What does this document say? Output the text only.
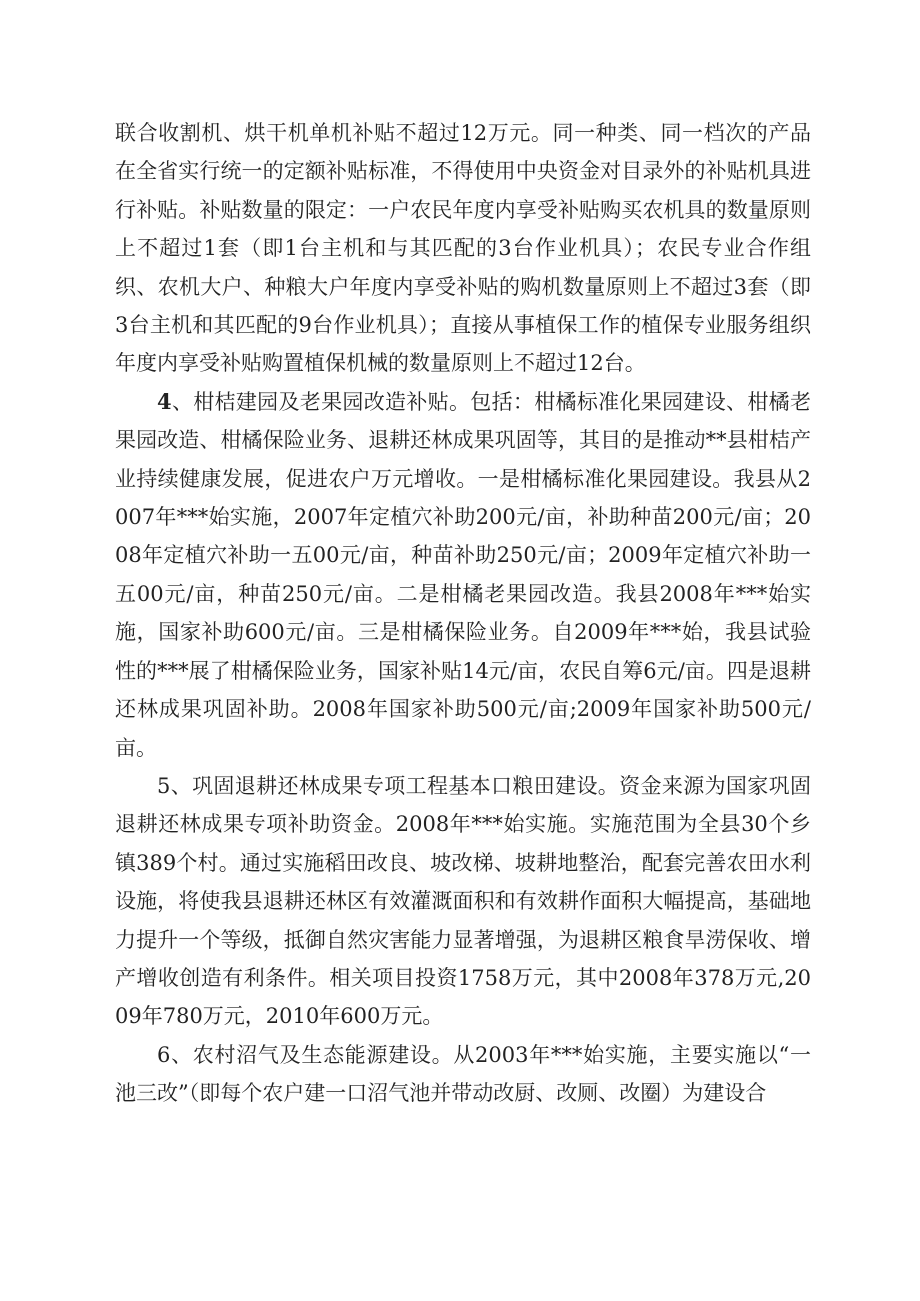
联合收割机、烘干机单机补贴不超过12万元。同一种类、同一档次的产品在全省实行统一的定额补贴标准，不得使用中央资金对目录外的补贴机具进行补贴。补贴数量的限定：一户农民年度内享受补贴购买农机具的数量原则上不超过1套（即1台主机和与其匹配的3台作业机具）；农民专业合作组织、农机大户、种粮大户年度内享受补贴的购机数量原则上不超过3套（即3台主机和其匹配的9台作业机具）；直接从事植保工作的植保专业服务组织年度内享受补贴购置植保机械的数量原则上不超过12台。

4、柑桔建园及老果园改造补贴。包括：柑橘标准化果园建设、柑橘老果园改造、柑橘保险业务、退耕还林成果巩固等，其目的是推动**县柑桔产业持续健康发展，促进农户万元增收。一是柑橘标准化果园建设。我县从2007年***始实施，2007年定植穴补助200元/亩，补助种苗200元/亩；2008年定植穴补助一五00元/亩，种苗补助250元/亩；2009年定植穴补助一五00元/亩，种苗250元/亩。二是柑橘老果园改造。我县2008年***始实施，国家补助600元/亩。三是柑橘保险业务。自2009年***始，我县试验性的***展了柑橘保险业务，国家补贴14元/亩，农民自筹6元/亩。四是退耕还林成果巩固补助。2008年国家补助500元/亩;2009年国家补助500元/亩。

5、巩固退耕还林成果专项工程基本口粮田建设。资金来源为国家巩固退耕还林成果专项补助资金。2008年***始实施。实施范围为全县30个乡镇389个村。通过实施稻田改良、坡改梯、坡耕地整治，配套完善农田水利设施，将使我县退耕还林区有效灌溉面积和有效耕作面积大幅提高，基础地力提升一个等级，抵御自然灾害能力显著增强，为退耕区粮食旱涝保收、增产增收创造有利条件。相关项目投资1758万元，其中2008年378万元,2009年780万元，2010年600万元。

6、农村沼气及生态能源建设。从2003年***始实施，主要实施以“一池三改”（即每个农户建一口沼气池并带动改厨、改厕、改圈）为建设合
